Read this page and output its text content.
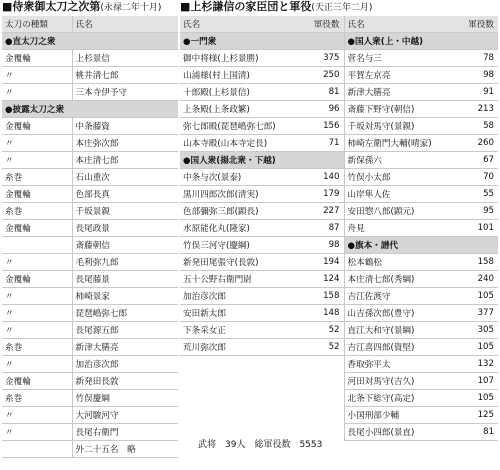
■侍衆御太刀之次第(永禄二年十月)
太刀の種類	氏名
●直太刀之衆	
金覆輪	上杉景信
〃	桃井清七郎
〃	三本寺伊予守
●披露太刀之衆	
金覆輪	中条藤資
〃	本庄弥次郎
〃	本庄清七郎
糸巻	石山重次
金覆輪	色部長真
糸巻	千坂景親
金覆輪	長尾政景
	斎藤朝信
〃	毛利弥九郎
金覆輪	長尾藤景
〃	柿崎景家
〃	琵琶嶋弥七郎
〃	長尾源五郎
糸巻	新津大膳亮
〃	加治彦次郎
金覆輪	新発田長敦
糸巻	竹俣慶綱
〃	大河駿河守
〃	長尾右衛門
	外二十五名　略
■上杉謙信の家臣団と軍役(天正三年二月)
氏名	軍役数	氏名	軍役数
●一門衆		●国人衆(上・中越)	
御中将様(上杉景勝)	375	菅名与三	78
山浦様(村上国清)	250	平賀左京亮	98
十郎殿(上杉景信)	81	新津大膳亮	91
上条殿(上条政繁)	96	斎藤下野守(朝信)	213
弥七郎殿(琵琶嶋弥七郎)	156	千坂対馬守(景親)	58
山本寺殿(山本寺定長)	71	柿崎左衛門大輔(晴家)	260
●国人衆(揚北衆・下越)		新保孫六	67
中条与次(景泰)	140	竹俣小太郎	70
黒川四郎次郎(清実)	179	山岸隼人佐	55
色部彌弥三郎(顕長)	227	安田惣八郎(顕元)	95
水原能化丸(隆家)	87	舟見	101
竹俣三河守(慶綱)	98	●旗本・譜代	
新発田尾張守(長敦)	194	松本鶴松	158
五十公野右衛門尉	124	本庄清七郎(秀綱)	240
加治彦次郎	158	吉江佐渡守	105
安田新太郎	148	山吉孫次郎(豊守)	377
下条采女正	52	直江大和守(景綱)	305
荒川弥次郎	52	吉江喜四郎(資堅)	105
		香取弥平太	132
		河田対馬守(吉久)	107
		北条下総守(高定)	105
		小国刑部少輔	125
		長尾小四郎(景直)	81
武将　39人　総軍役数　5553
